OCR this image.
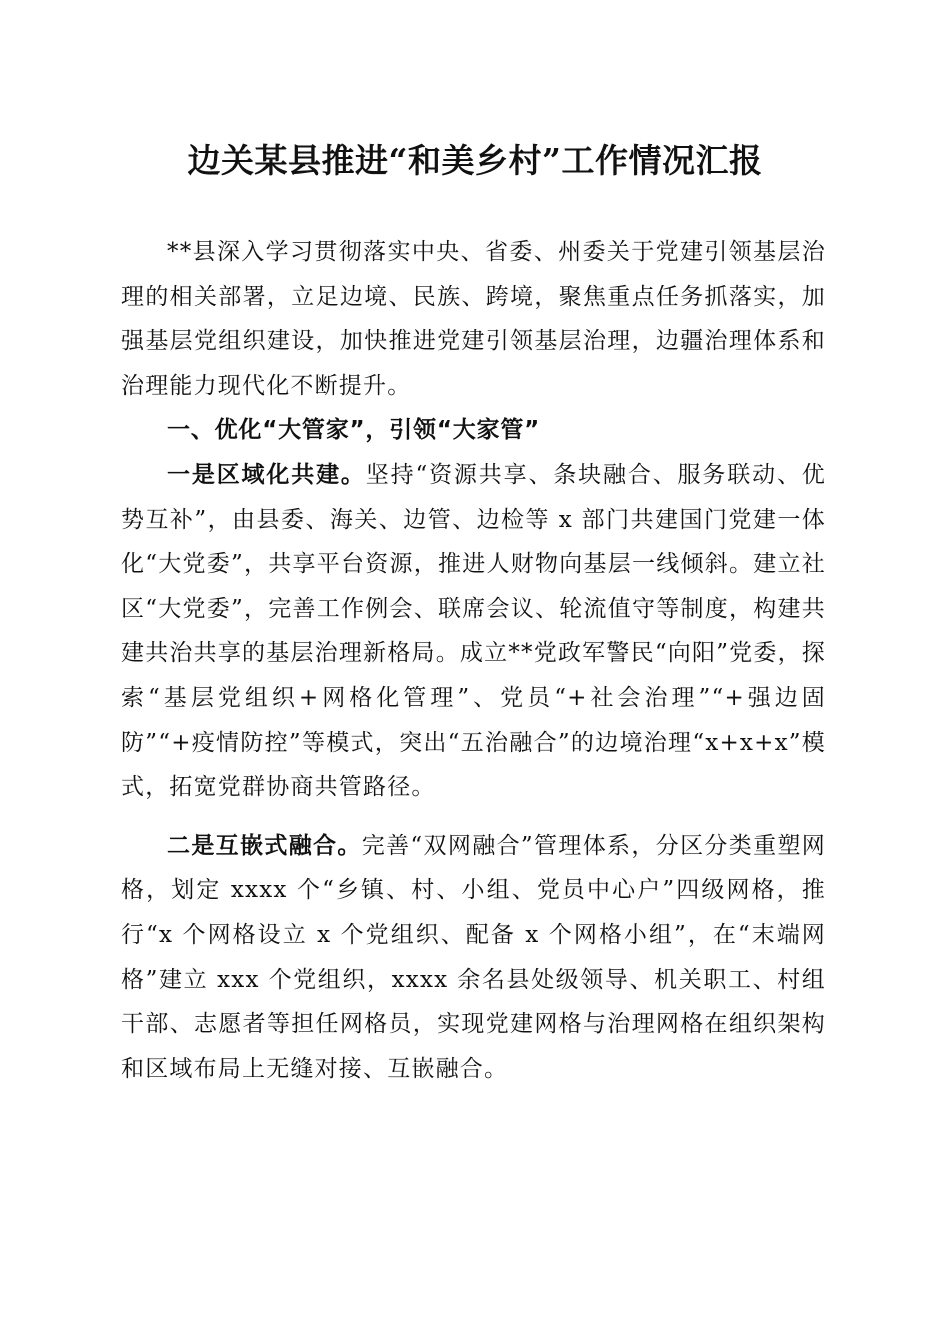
边关某县推进“和美乡村”工作情况汇报

**县深入学习贯彻落实中央、省委、州委关于党建引领基层治理的相关部署，立足边境、民族、跨境，聚焦重点任务抓落实，加强基层党组织建设，加快推进党建引领基层治理，边疆治理体系和治理能力现代化不断提升。

一、优化“大管家”，引领“大家管”

一是区域化共建。坚持“资源共享、条块融合、服务联动、优势互补”，由县委、海关、边管、边检等 x 部门共建国门党建一体化“大党委”，共享平台资源，推进人财物向基层一线倾斜。建立社区“大党委”，完善工作例会、联席会议、轮流值守等制度，构建共建共治共享的基层治理新格局。成立**党政军警民“向阳”党委，探索“基层党组织+网格化管理”、党员“+社会治理”“+强边固防”“+疫情防控”等模式，突出“五治融合”的边境治理“x+x+x”模式，拓宽党群协商共管路径。

二是互嵌式融合。完善“双网融合”管理体系，分区分类重塑网格，划定 xxxx 个“乡镇、村、小组、党员中心户”四级网格，推行“x 个网格设立 x 个党组织、配备 x 个网格小组”，在“末端网格”建立 xxx 个党组织，xxxx 余名县处级领导、机关职工、村组干部、志愿者等担任网格员，实现党建网格与治理网格在组织架构和区域布局上无缝对接、互嵌融合。
